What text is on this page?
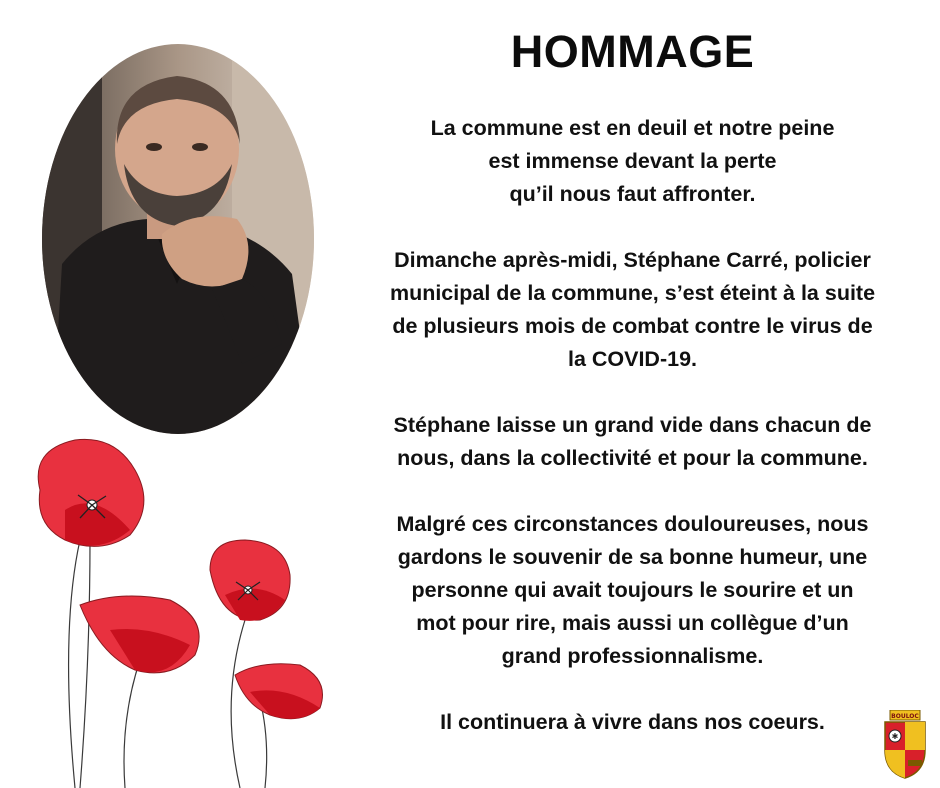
HOMMAGE
La commune est en deuil et notre peine
est immense devant la perte
qu’il nous faut affronter.
Dimanche après-midi, Stéphane Carré, policier
municipal de la commune, s’est éteint à la suite
de plusieurs mois de combat contre le virus de
la COVID-19.
Stéphane laisse un grand vide dans chacun de
nous, dans la collectivité et pour la commune.
Malgré ces circonstances douloureuses, nous
gardons le souvenir de sa bonne humeur, une
personne qui avait toujours le sourire et un
mot pour rire, mais aussi un collègue d’un
grand professionnalisme.
Il continuera à vivre dans nos coeurs.	BOULOC
✱
